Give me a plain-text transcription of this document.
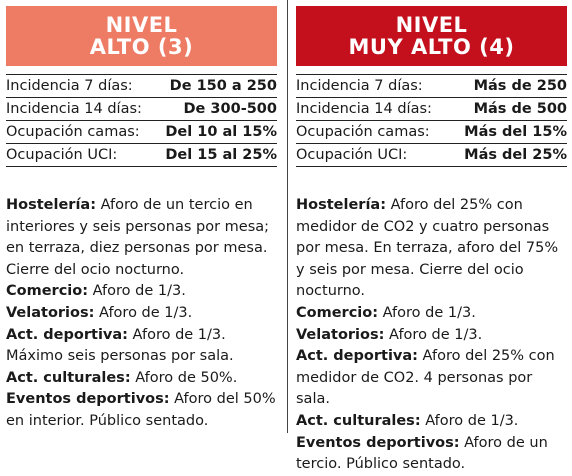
NIVEL
ALTO (3)
Incidencia 7 días:	De 150 a 250
Incidencia 14 días:	De 300-500
Ocupación camas:	Del 10 al 15%
Ocupación UCI:	Del 15 al 25%
Hostelería: Aforo de un tercio en interiores y seis personas por mesa; en terraza, diez personas por mesa. Cierre del ocio nocturno.
Comercio: Aforo de 1/3.
Velatorios: Aforo de 1/3.
Act. deportiva: Aforo de 1/3. Máximo seis personas por sala.
Act. culturales: Aforo de 50%.
Eventos deportivos: Aforo del 50% en interior. Público sentado.
NIVEL
MUY ALTO (4)
Incidencia 7 días:	Más de 250
Incidencia 14 días:	Más de 500
Ocupación camas:	Más del 15%
Ocupación UCI:	Más del 25%
Hostelería: Aforo del 25% con medidor de CO2 y cuatro personas por mesa. En terraza, aforo del 75% y seis por mesa. Cierre del ocio nocturno.
Comercio: Aforo de 1/3.
Velatorios: Aforo de 1/3.
Act. deportiva: Aforo del 25% con medidor de CO2. 4 personas por sala.
Act. culturales: Aforo de 1/3.
Eventos deportivos: Aforo de un tercio. Público sentado.
